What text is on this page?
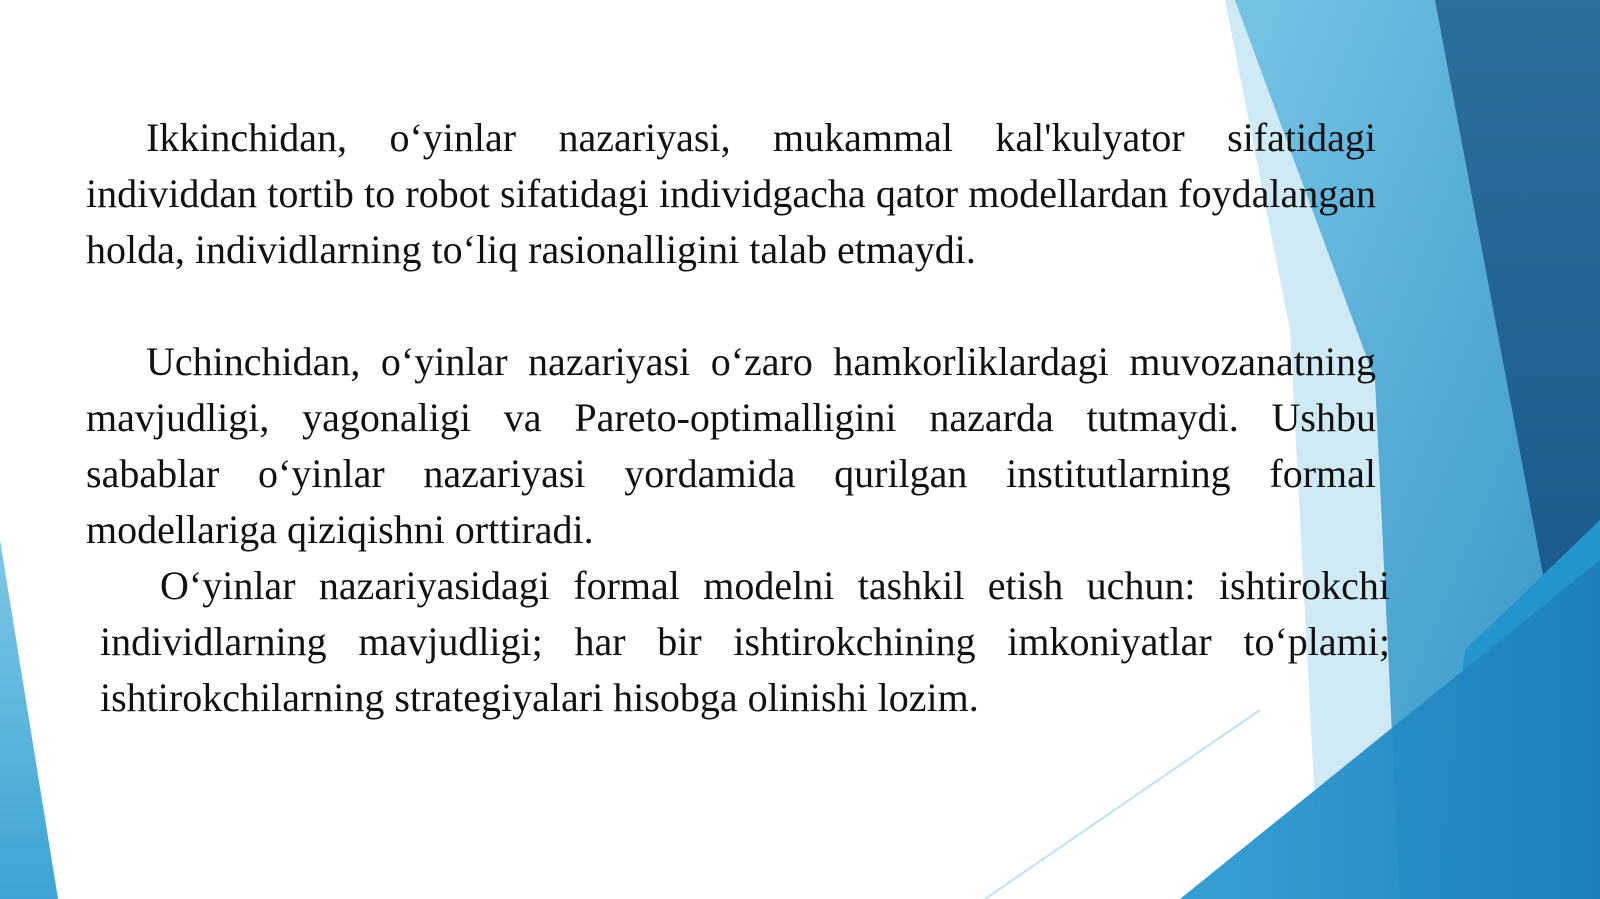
Ikkinchidan, o‘yinlar nazariyasi, mukammal kal'kulyator sifatidagi individdan tortib to robot sifatidagi individgacha qator modellardan foydalangan holda, individlarning to‘liq rasionalligini talab etmaydi.

Uchinchidan, o‘yinlar nazariyasi o‘zaro hamkorliklardagi muvozanatning mavjudligi, yagonaligi va Pareto-optimalligini nazarda tutmaydi. Ushbu sabablar o‘yinlar nazariyasi yordamida qurilgan institutlarning formal modellariga qiziqishni orttiradi.

O‘yinlar nazariyasidagi formal modelni tashkil etish uchun: ishtirokchi individlarning mavjudligi; har bir ishtirokchining imkoniyatlar to‘plami; ishtirokchilarning strategiyalari hisobga olinishi lozim.
